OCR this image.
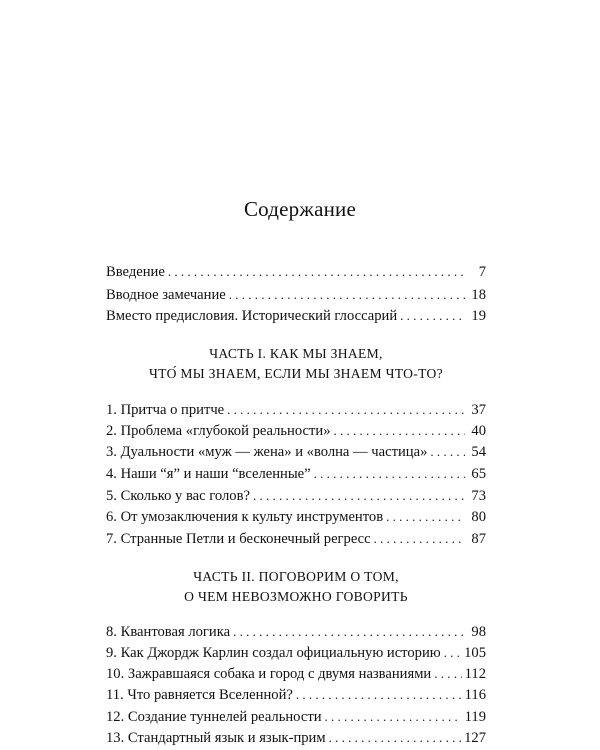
Содержание
Введение . . .	7
Вводное замечание . . .	18
Вместо предисловия. Исторический глоссарий . . .	19
ЧАСТЬ I. КАК МЫ ЗНАЕМ,
ЧТО́ МЫ ЗНАЕМ, ЕСЛИ МЫ ЗНАЕМ ЧТО-ТО?
1. Притча о притче . . .	37
2. Проблема «глубокой реальности» . . .	40
3. Дуальности «муж — жена» и «волна — частица» . . .	54
4. Наши “я” и наши “вселенные” . . .	65
5. Сколько у вас голов? . . .	73
6. От умозаключения к культу инструментов . . .	80
7. Странные Петли и бесконечный регресс . . .	87
ЧАСТЬ II. ПОГОВОРИМ О ТОМ,
О ЧЕМ НЕВОЗМОЖНО ГОВОРИТЬ
8. Квантовая логика . . .	98
9. Как Джордж Карлин создал официальную историю . . . 105
10. Зажравшаяся собака и город с двумя названиями . . . 112
11. Что равняется Вселенной? . . .	116
12. Создание туннелей реальности . . .	119
13. Стандартный язык и язык-прим . . .	127
